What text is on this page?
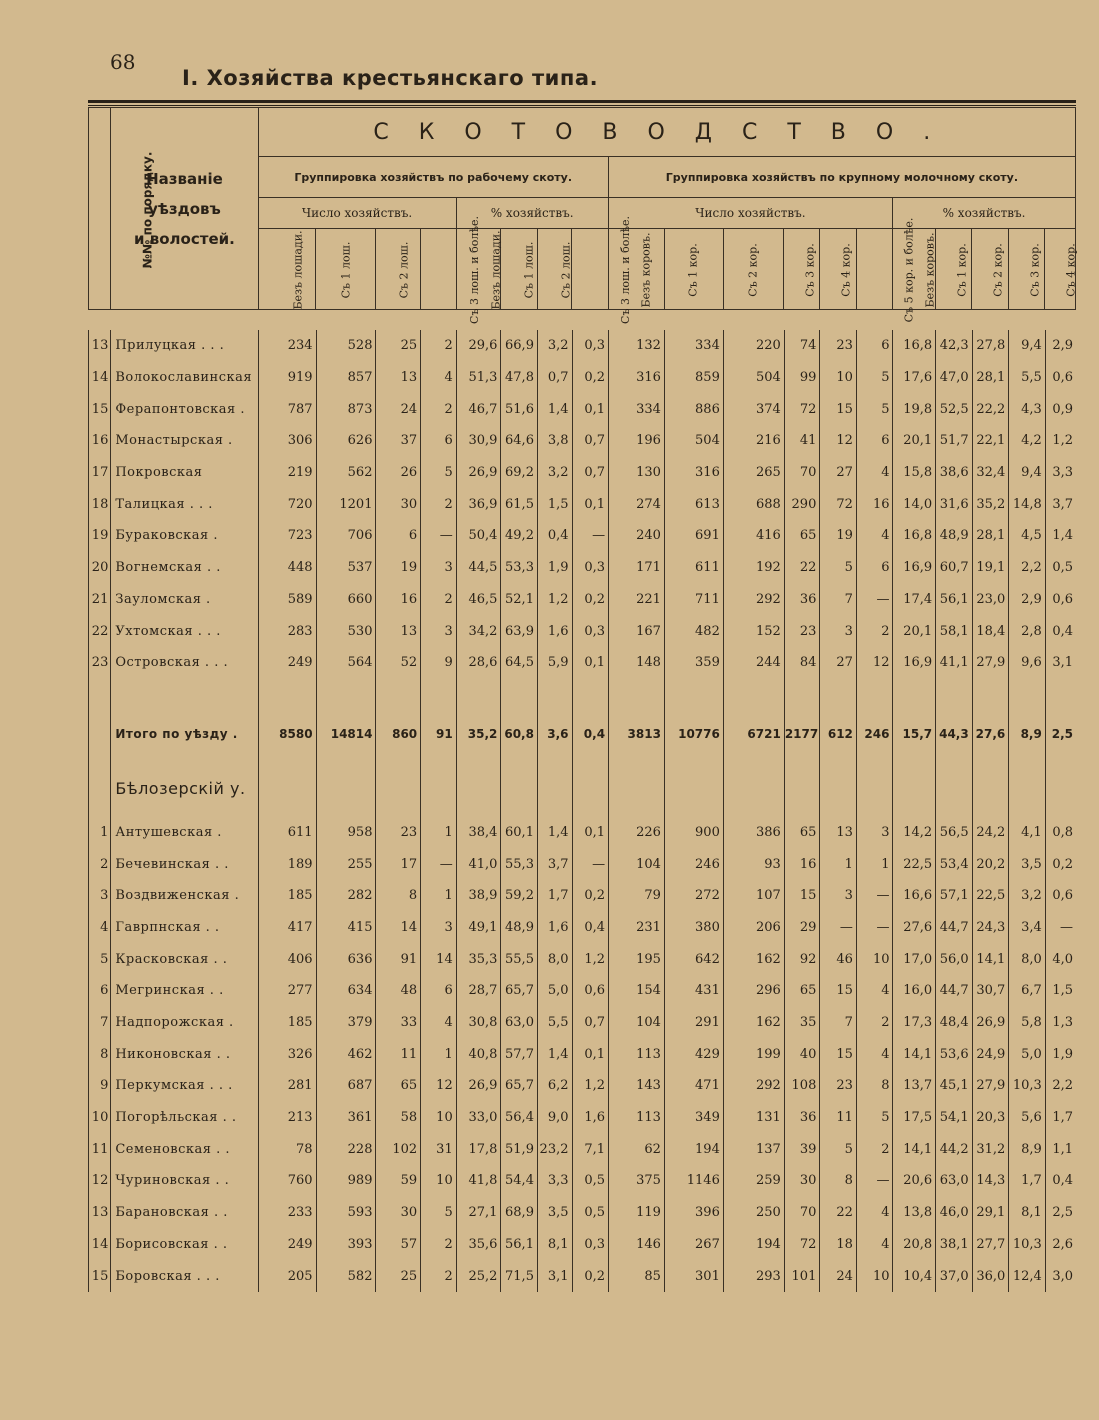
68
I. Хозяйства крестьянскаго типа.
№№ по порядку.	Названіе уѣздовъ
и волостей.	СКОТОВОДСТВО.																		
		Группировка хозяйствъ по рабочему скоту.								Группировка хозяйствъ по крупному молочному скоту.										
		Число хозяйствъ.				% хозяйствъ.				Число хозяйствъ.						% хозяйствъ.				
		Безъ лошади.	Съ 1 лош.	Съ 2 лош.	Съ 3 лош. и болѣе.	Безъ лошади.	Съ 1 лош.	Съ 2 лош.	Съ 3 лош. и болѣе.	Безъ коровъ.	Съ 1 кор.	Съ 2 кор.	Съ 3 кор.	Съ 4 кор.	Съ 5 кор. и болѣе.	Безъ коровъ.	Съ 1 кор.	Съ 2 кор.	Съ 3 кор.	Съ 4 кор.
13	Прилуцкая . . .	234	528	25	2	29,6	66,9	3,2	0,3	132	334	220	74	23	6	16,8	42,3	27,8	9,4	2,9
14	Волокославинская	919	857	13	4	51,3	47,8	0,7	0,2	316	859	504	99	10	5	17,6	47,0	28,1	5,5	0,6
15	Ферапонтовская .	787	873	24	2	46,7	51,6	1,4	0,1	334	886	374	72	15	5	19,8	52,5	22,2	4,3	0,9
16	Монастырская .	306	626	37	6	30,9	64,6	3,8	0,7	196	504	216	41	12	6	20,1	51,7	22,1	4,2	1,2
17	Покровская	219	562	26	5	26,9	69,2	3,2	0,7	130	316	265	70	27	4	15,8	38,6	32,4	9,4	3,3
18	Талицкая . . .	720	1201	30	2	36,9	61,5	1,5	0,1	274	613	688	290	72	16	14,0	31,6	35,2	14,8	3,7
19	Бураковская .	723	706	6	—	50,4	49,2	0,4	—	240	691	416	65	19	4	16,8	48,9	28,1	4,5	1,4
20	Вогнемская . .	448	537	19	3	44,5	53,3	1,9	0,3	171	611	192	22	5	6	16,9	60,7	19,1	2,2	0,5
21	Зауломская .	589	660	16	2	46,5	52,1	1,2	0,2	221	711	292	36	7	—	17,4	56,1	23,0	2,9	0,6
22	Ухтомская . . .	283	530	13	3	34,2	63,9	1,6	0,3	167	482	152	23	3	2	20,1	58,1	18,4	2,8	0,4
23	Островская . . .	249	564	52	9	28,6	64,5	5,9	0,1	148	359	244	84	27	12	16,9	41,1	27,9	9,6	3,1

	Итого по уѣзду .	8580	14814	860	91	35,2	60,8	3,6	0,4	3813	10776	6721	2177	612	246	15,7	44,3	27,6	8,9	2,5
	Бѣлозерскій у.																			
1	Антушевская .	611	958	23	1	38,4	60,1	1,4	0,1	226	900	386	65	13	3	14,2	56,5	24,2	4,1	0,8
2	Бечевинская . .	189	255	17	—	41,0	55,3	3,7	—	104	246	93	16	1	1	22,5	53,4	20,2	3,5	0,2
3	Воздвиженская .	185	282	8	1	38,9	59,2	1,7	0,2	79	272	107	15	3	—	16,6	57,1	22,5	3,2	0,6
4	Гаврпнская . .	417	415	14	3	49,1	48,9	1,6	0,4	231	380	206	29	—	—	27,6	44,7	24,3	3,4	—
5	Красковская . .	406	636	91	14	35,3	55,5	8,0	1,2	195	642	162	92	46	10	17,0	56,0	14,1	8,0	4,0
6	Мегринская . .	277	634	48	6	28,7	65,7	5,0	0,6	154	431	296	65	15	4	16,0	44,7	30,7	6,7	1,5
7	Надпорожская .	185	379	33	4	30,8	63,0	5,5	0,7	104	291	162	35	7	2	17,3	48,4	26,9	5,8	1,3
8	Никоновская . .	326	462	11	1	40,8	57,7	1,4	0,1	113	429	199	40	15	4	14,1	53,6	24,9	5,0	1,9
9	Перкумская . . .	281	687	65	12	26,9	65,7	6,2	1,2	143	471	292	108	23	8	13,7	45,1	27,9	10,3	2,2
10	Погорѣльская . .	213	361	58	10	33,0	56,4	9,0	1,6	113	349	131	36	11	5	17,5	54,1	20,3	5,6	1,7
11	Семеновская . .	78	228	102	31	17,8	51,9	23,2	7,1	62	194	137	39	5	2	14,1	44,2	31,2	8,9	1,1
12	Чуриновская . .	760	989	59	10	41,8	54,4	3,3	0,5	375	1146	259	30	8	—	20,6	63,0	14,3	1,7	0,4
13	Барановская . .	233	593	30	5	27,1	68,9	3,5	0,5	119	396	250	70	22	4	13,8	46,0	29,1	8,1	2,5
14	Борисовская . .	249	393	57	2	35,6	56,1	8,1	0,3	146	267	194	72	18	4	20,8	38,1	27,7	10,3	2,6
15	Боровская . . .	205	582	25	2	25,2	71,5	3,1	0,2	85	301	293	101	24	10	10,4	37,0	36,0	12,4	3,0
